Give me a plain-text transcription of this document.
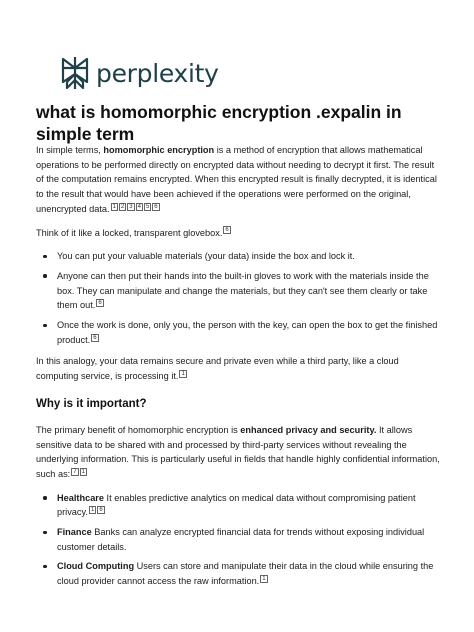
perplexity
what is homomorphic encryption .expalin in simple term

In simple terms, homomorphic encryption is a method of encryption that allows mathematical operations to be performed directly on encrypted data without needing to decrypt it first. The result of the computation remains encrypted. When this encrypted result is finally decrypted, it is identical to the result that would have been achieved if the operations were performed on the original, unencrypted data. $^1$ $^2$ $^3$ $^4$ $^5$ $^6$

Think of it like a locked, transparent glovebox. $^6$

You can put your valuable materials (your data) inside the box and lock it.
Anyone can then put their hands into the built-in gloves to work with the materials inside the box. They can manipulate and change the materials, but they can't see them clearly or take them out. $^6$
Once the work is done, only you, the person with the key, can open the box to get the finished product. $^6$

In this analogy, your data remains secure and private even while a third party, like a cloud computing service, is processing it. $^1$

Why is it important?

The primary benefit of homomorphic encryption is enhanced privacy and security. It allows sensitive data to be shared with and processed by third-party services without revealing the underlying information. This is particularly useful in fields that handle highly confidential information, such as: $^7$ $^1$

Healthcare It enables predictive analytics on medical data without compromising patient privacy. $^1$ $^6$
Finance Banks can analyze encrypted financial data for trends without exposing individual customer details.
Cloud Computing Users can store and manipulate their data in the cloud while ensuring the cloud provider cannot access the raw information. $^1$
